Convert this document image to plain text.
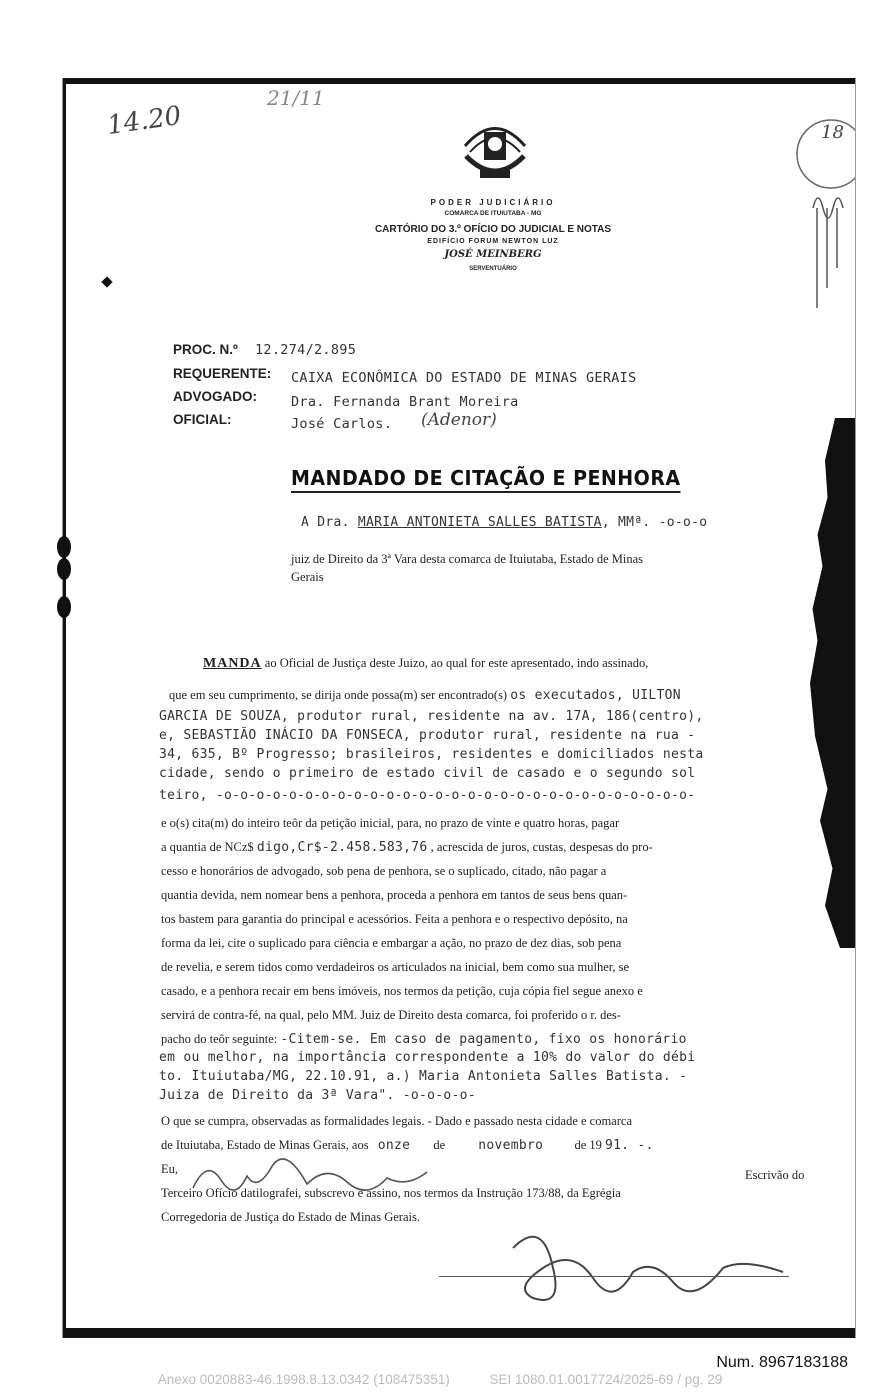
14.20
21/11
18
PODER JUDICIÁRIO
COMARCA DE ITUIUTABA - MG
CARTÓRIO DO 3.º OFÍCIO DO JUDICIAL E NOTAS
EDIFÍCIO FORUM NEWTON LUZ
JOSÉ MEINBERG
SERVENTUÁRIO
PROC. N.º 12.274/2.895
REQUERENTE: CAIXA ECONÔMICA DO ESTADO DE MINAS GERAIS
ADVOGADO:	Dra. Fernanda Brant Moreira
OFICIAL:	José Carlos. (Adenor)
MANDADO DE CITAÇÃO E PENHORA
A Dra. MARIA ANTONIETA SALLES BATISTA, MMª. -o-o-o
juiz de Direito da 3ª Vara desta comarca de Ituiutaba, Estado de Minas
Gerais
MANDA ao Oficial de Justiça deste Juizo, ao qual for este apresentado, indo assinado,
que em seu cumprimento, se dirija onde possa(m) ser encontrado(s) os executados, UILTON
GARCIA DE SOUZA, produtor rural, residente na av. 17A, 186(centro),
e, SEBASTIÃO INÁCIO DA FONSECA, produtor rural, residente na rua -
34, 635, Bº Progresso; brasileiros, residentes e domiciliados nesta
cidade, sendo o primeiro de estado civil de casado e o segundo sol
teiro, -o-o-o-o-o-o-o-o-o-o-o-o-o-o-o-o-o-o-o-o-o-o-o-o-o-o-o-o-o-
e o(s) cita(m) do inteiro teôr da petição inicial, para, no prazo de vinte e quatro horas, pagar
a quantia de NCz$ digo,Cr$-2.458.583,76 , acrescida de juros, custas, despesas do pro-
cesso e honorários de advogado, sob pena de penhora, se o suplicado, citado, não pagar a
quantia devida, nem nomear bens a penhora, proceda a penhora em tantos de seus bens quan-
tos bastem para garantia do principal e acessórios. Feita a penhora e o respectivo depósito, na
forma da lei, cite o suplicado para ciência e embargar a ação, no prazo de dez dias, sob pena
de revelia, e serem tidos como verdadeiros os articulados na inicial, bem como sua mulher, se
casado, e a penhora recair em bens imóveis, nos termos da petição, cuja cópia fiel segue anexo e
servirá de contra-fé, na qual, pelo MM. Juiz de Direito desta comarca, foi proferido o r. des-
pacho do teôr seguinte: -Citem-se. Em caso de pagamento, fixo os honorário
em ou melhor, na importância correspondente a 10% do valor do débi
to. Ituiutaba/MG, 22.10.91, a.) Maria Antonieta Salles Batista. -
Juiza de Direito da 3ª Vara". -o-o-o-o-
O que se cumpra, observadas as formalidades legais. - Dado e passado nesta cidade e comarca
de Ituiutaba, Estado de Minas Gerais, aos onze de	novembro de 19 91. -.
Eu,	Escrivão do
Terceiro Ofício datilografei, subscrevo e assino, nos termos da Instrução 173/88, da Egrégia
Corregedoria de Justiça do Estado de Minas Gerais.
Num. 8967183188
Anexo 0020883-46.1998.8.13.0342 (108475351)	SEI 1080.01.0017724/2025-69 / pg. 29
